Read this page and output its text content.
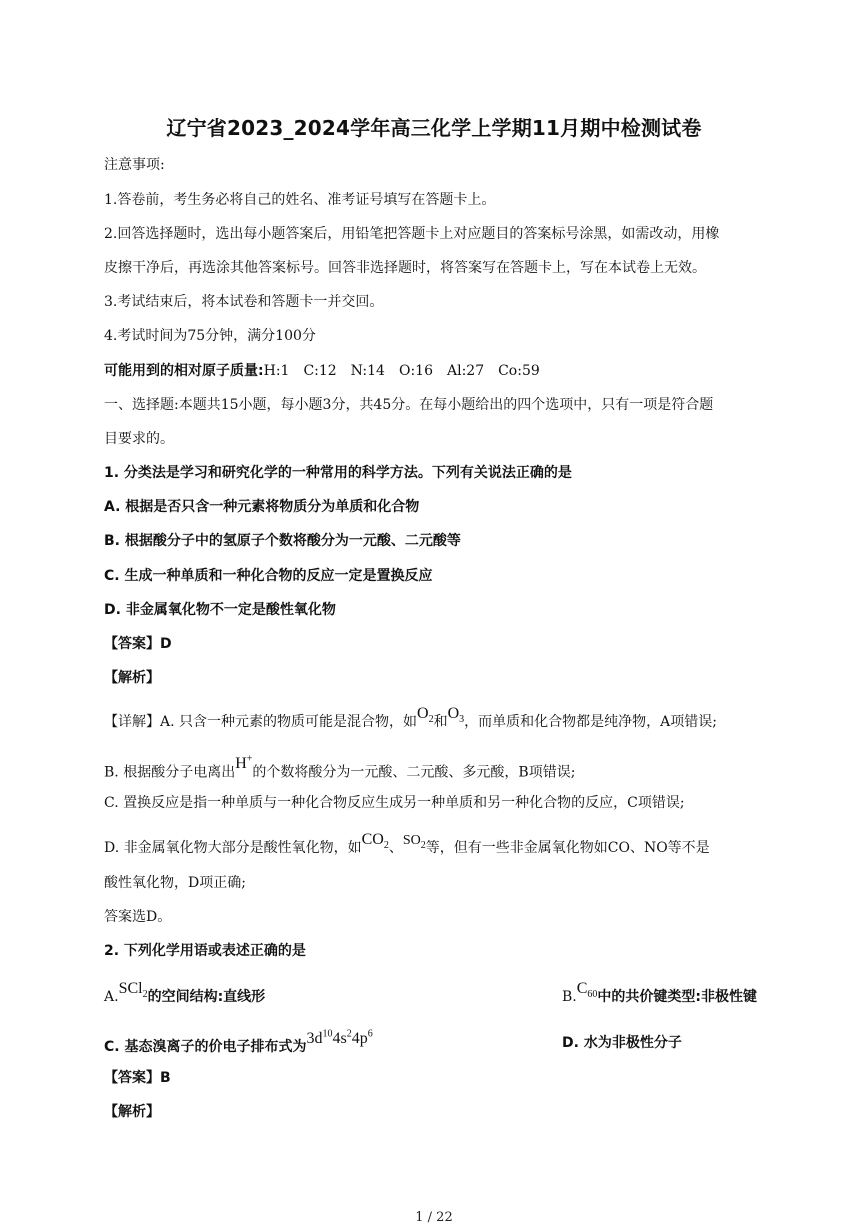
辽宁省2023_2024学年高三化学上学期11月期中检测试卷
注意事项:
1.答卷前，考生务必将自己的姓名、准考证号填写在答题卡上。
2.回答选择题时，选出每小题答案后，用铅笔把答题卡上对应题目的答案标号涂黑，如需改动，用橡
皮擦干净后，再选涂其他答案标号。回答非选择题时，将答案写在答题卡上，写在本试卷上无效。
3.考试结束后，将本试卷和答题卡一并交回。
4.考试时间为75分钟，满分100分
可能用到的相对原子质量:H:1　C:12　N:14　O:16　Al:27　Co:59
一、选择题:本题共15小题，每小题3分，共45分。在每小题给出的四个选项中，只有一项是符合题
目要求的。
1. 分类法是学习和研究化学的一种常用的科学方法。下列有关说法正确的是
A. 根据是否只含一种元素将物质分为单质和化合物
B. 根据酸分子中的氢原子个数将酸分为一元酸、二元酸等
C. 生成一种单质和一种化合物的反应一定是置换反应
D. 非金属氧化物不一定是酸性氧化物
【答案】D
【解析】
【详解】A. 只含一种元素的物质可能是混合物，如$O_2$和$O_3$，而单质和化合物都是纯净物，A项错误;
B. 根据酸分子电离出H+的个数将酸分为一元酸、二元酸、多元酸，B项错误;
C. 置换反应是指一种单质与一种化合物反应生成另一种单质和另一种化合物的反应，C项错误;
D. 非金属氧化物大部分是酸性氧化物，如$CO_2$、$SO_2$等，但有一些非金属氧化物如CO、NO等不是
酸性氧化物，D项正确;
答案选D。
2. 下列化学用语或表述正确的是
A.SCl$_2$的空间结构:直线形	$B.C_{60}$中的共价键类型:非极性键
C. 基态溴离子的价电子排布式为$3d^{10}4s^24p^6$
D. 水为非极性分子
【答案】B
【解析】
1 / 22
